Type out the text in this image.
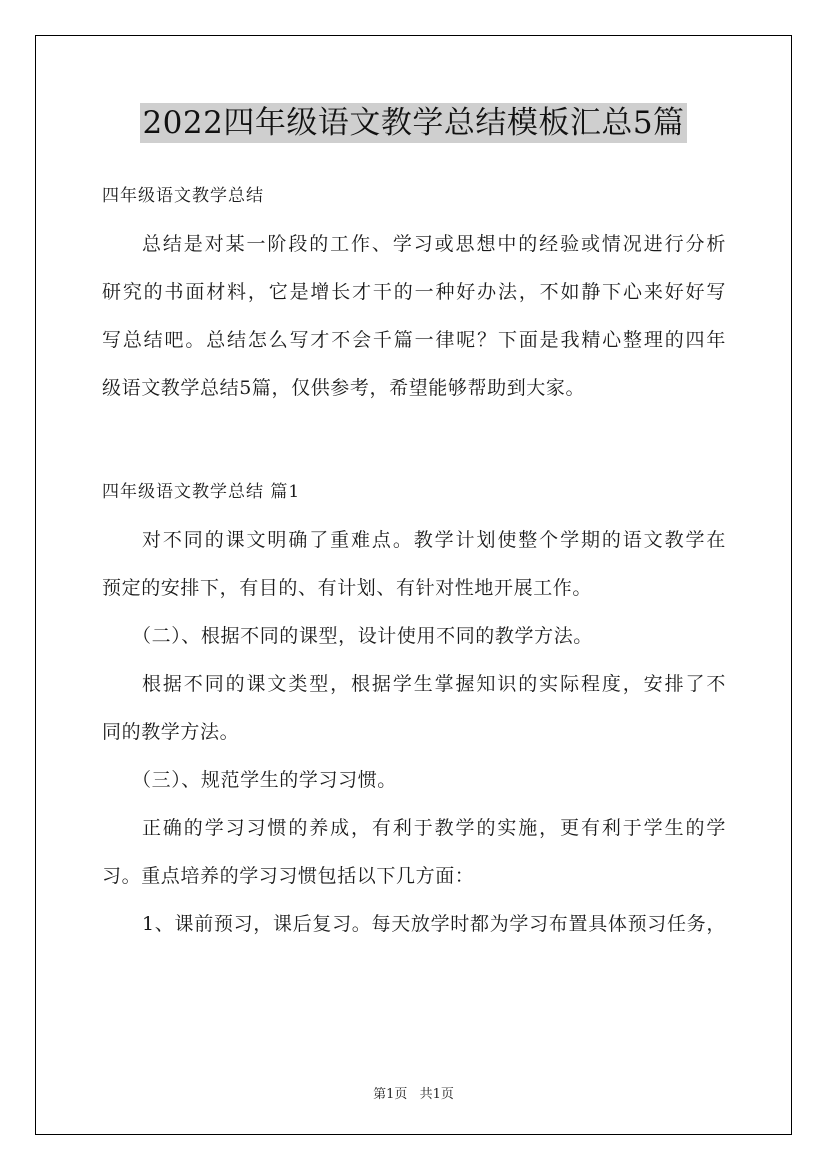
2022四年级语文教学总结模板汇总5篇
四年级语文教学总结
总结是对某一阶段的工作、学习或思想中的经验或情况进行分析
研究的书面材料，它是增长才干的一种好办法，不如静下心来好好写
写总结吧。总结怎么写才不会千篇一律呢？下面是我精心整理的四年
级语文教学总结5篇，仅供参考，希望能够帮助到大家。
四年级语文教学总结 篇1
对不同的课文明确了重难点。教学计划使整个学期的语文教学在
预定的安排下，有目的、有计划、有针对性地开展工作。
（二）、根据不同的课型，设计使用不同的教学方法。
根据不同的课文类型，根据学生掌握知识的实际程度，安排了不
同的教学方法。
（三）、规范学生的学习习惯。
正确的学习习惯的养成，有利于教学的实施，更有利于学生的学
习。重点培养的学习习惯包括以下几方面：
1、课前预习，课后复习。每天放学时都为学习布置具体预习任务，
第1页 共1页
